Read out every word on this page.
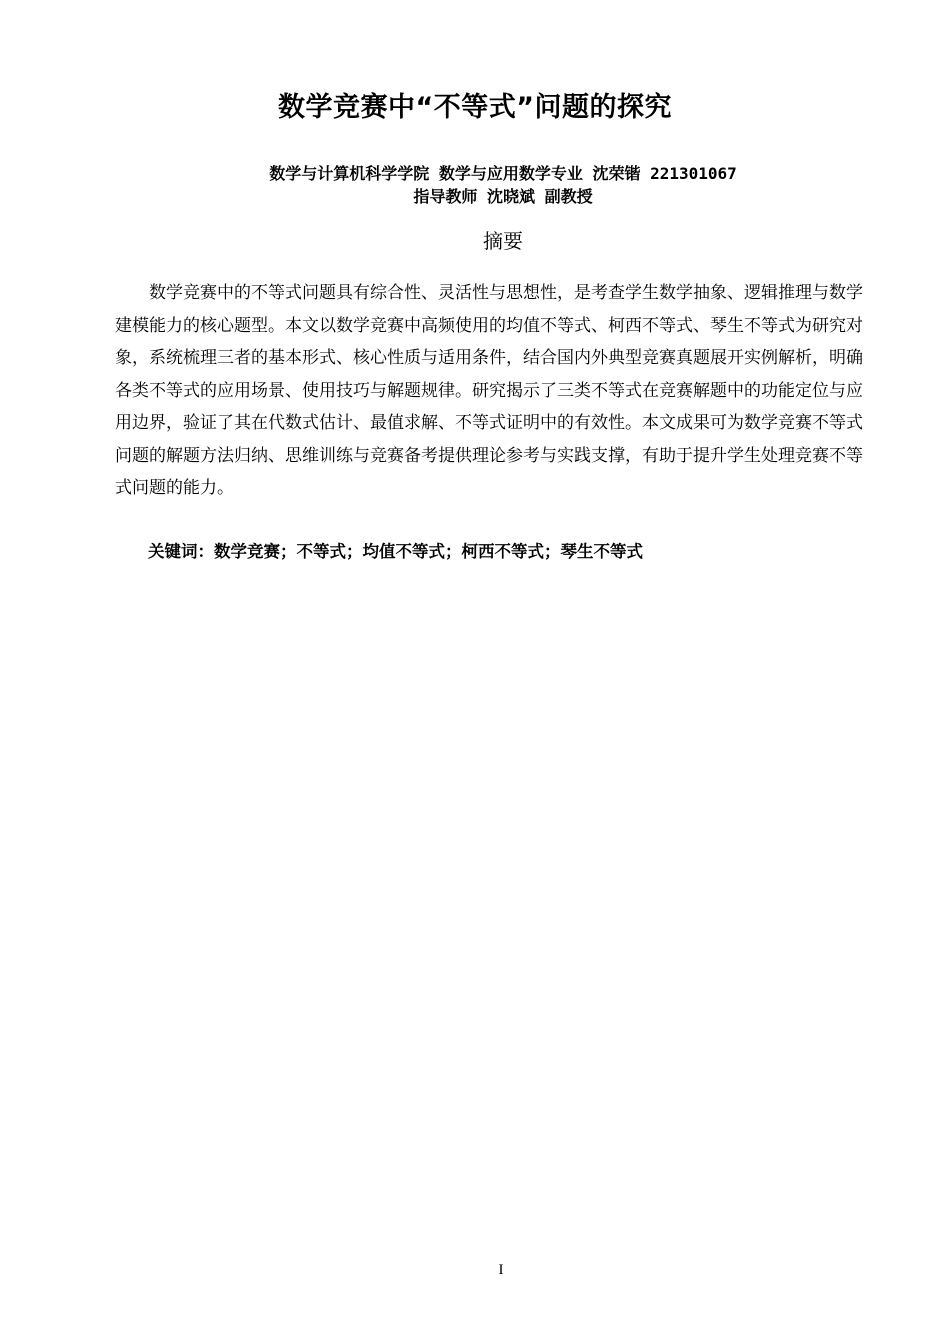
数学竞赛中“不等式”问题的探究
数学与计算机科学学院 数学与应用数学专业 沈荣锴 221301067
指导教师 沈晓斌 副教授
摘要

数学竞赛中的不等式问题具有综合性、灵活性与思想性，是考查学生数学抽象、逻辑推理与数学建模能力的核心题型。本文以数学竞赛中高频使用的均值不等式、柯西不等式、琴生不等式为研究对象，系统梳理三者的基本形式、核心性质与适用条件，结合国内外典型竞赛真题展开实例解析，明确各类不等式的应用场景、使用技巧与解题规律。研究揭示了三类不等式在竞赛解题中的功能定位与应用边界，验证了其在代数式估计、最值求解、不等式证明中的有效性。本文成果可为数学竞赛不等式问题的解题方法归纳、思维训练与竞赛备考提供理论参考与实践支撑，有助于提升学生处理竞赛不等式问题的能力。

关键词：数学竞赛；不等式；均值不等式；柯西不等式；琴生不等式
I
